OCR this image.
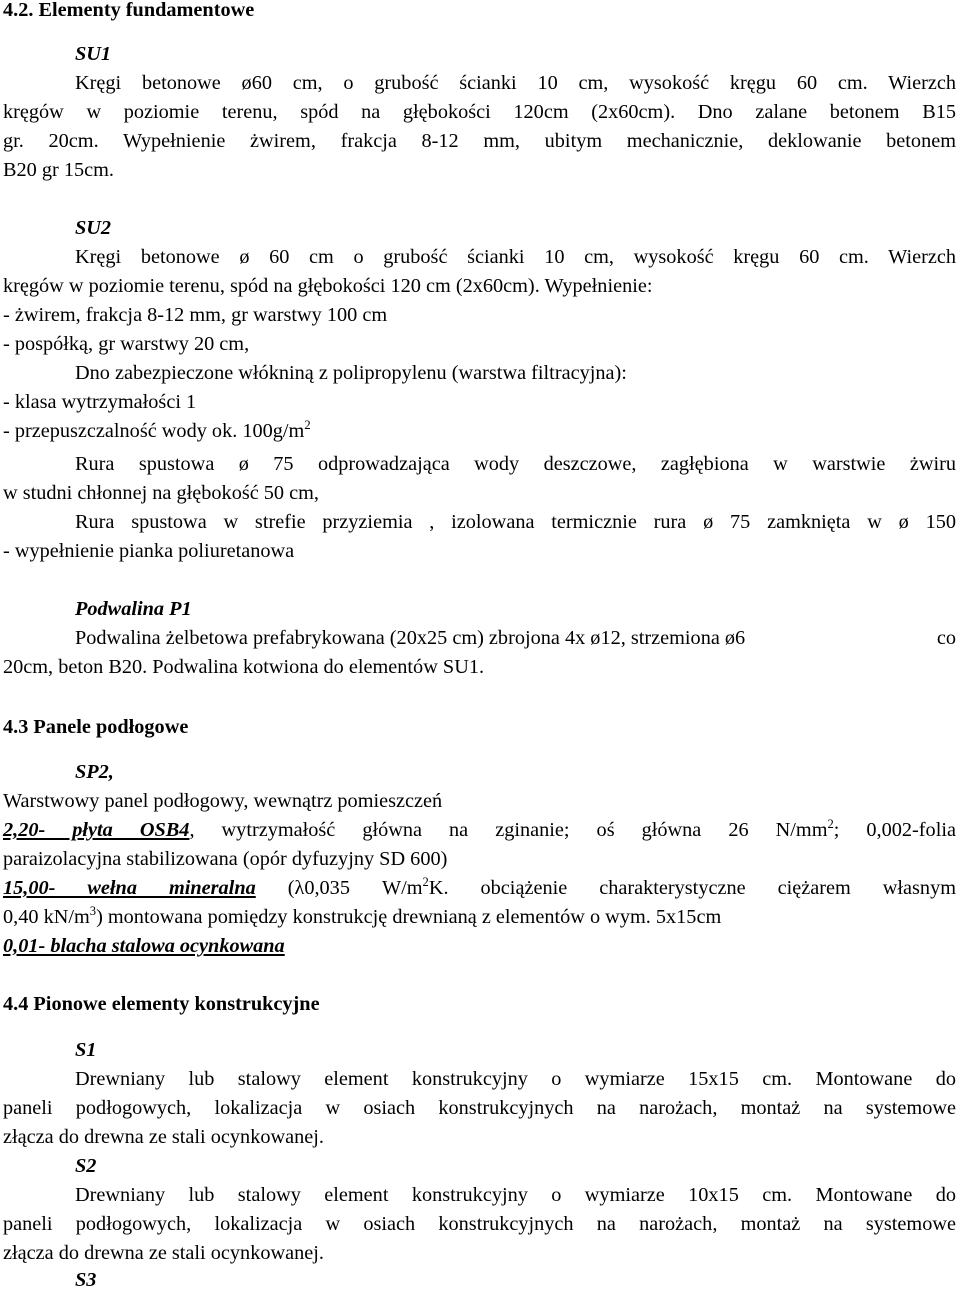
4.2. Elementy fundamentowe
SU1
Kręgi betonowe ø60 cm, o grubość ścianki 10 cm, wysokość kręgu 60 cm. Wierzch
kręgów w poziomie terenu, spód na głębokości 120cm (2x60cm). Dno zalane betonem B15
gr. 20cm. Wypełnienie żwirem, frakcja 8-12 mm, ubitym mechanicznie, deklowanie betonem
B20 gr 15cm.
SU2
Kręgi betonowe ø 60 cm o grubość ścianki 10 cm, wysokość kręgu 60 cm. Wierzch
kręgów w poziomie terenu, spód na głębokości 120 cm (2x60cm). Wypełnienie:
- żwirem, frakcja 8-12 mm, gr warstwy 100 cm
- pospółką, gr warstwy 20 cm,
Dno zabezpieczone włókniną z polipropylenu (warstwa filtracyjna):
- klasa wytrzymałości 1
- przepuszczalność wody ok. $100g/m^2$
Rura spustowa ø 75 odprowadzająca wody deszczowe, zagłębiona w warstwie żwiru
w studni chłonnej na głębokość 50 cm,
Rura spustowa w strefie przyziemia , izolowana termicznie rura ø 75 zamknięta w ø 150
- wypełnienie pianka poliuretanowa
Podwalina P1
Podwalina żelbetowa prefabrykowana (20x25 cm) zbrojona 4x ø12, strzemiona ø6	co
20cm, beton B20. Podwalina kotwiona do elementów SU1.
4.3 Panele podłogowe
SP2,
Warstwowy panel podłogowy, wewnątrz pomieszczeń
2,20- płyta OSB4, wytrzymałość główna na zginanie; oś główna 26 $N/mm^2$; 0,002-folia
paraizolacyjna stabilizowana (opór dyfuzyjny SD 600)
15,00- wełna mineralna (λ0,035 $W/m^2K$. obciążenie charakterystyczne ciężarem własnym
0,40 $kN/m^3$) montowana pomiędzy konstrukcję drewnianą z elementów o wym. 5x15cm
0,01- blacha stalowa ocynkowana
4.4 Pionowe elementy konstrukcyjne
S1
Drewniany lub stalowy element konstrukcyjny o wymiarze 15x15 cm. Montowane do
paneli podłogowych, lokalizacja w osiach konstrukcyjnych na narożach, montaż na systemowe
złącza do drewna ze stali ocynkowanej.
S2
Drewniany lub stalowy element konstrukcyjny o wymiarze 10x15 cm. Montowane do
paneli podłogowych, lokalizacja w osiach konstrukcyjnych na narożach, montaż na systemowe
złącza do drewna ze stali ocynkowanej.
S3
